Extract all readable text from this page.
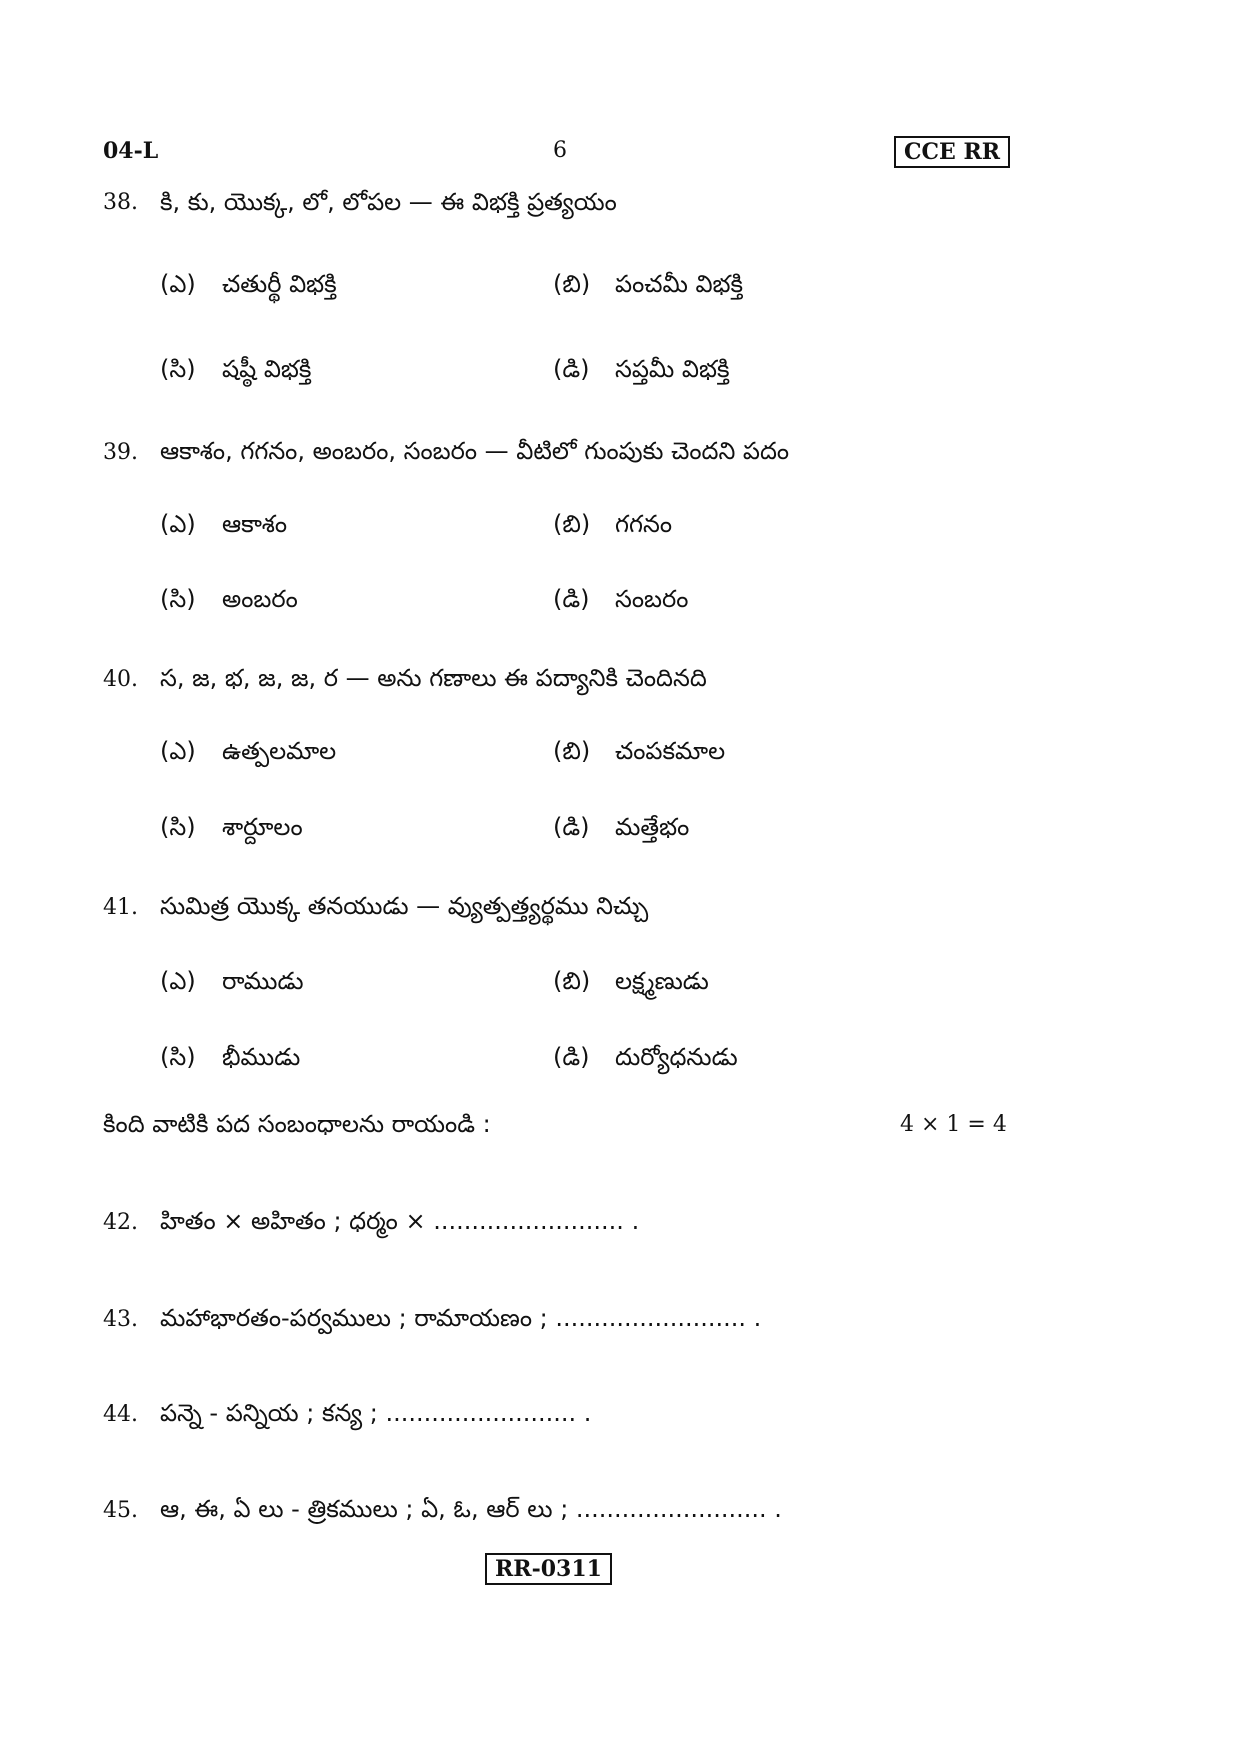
04-L	6	CCE RR
38. కి, కు, యొక్క, లో, లోపల — ఈ విభక్తి ప్రత్యయం
(ఎ) చతుర్థీ విభక్తి	(బి) పంచమీ విభక్తి
(సి) షష్ఠీ విభక్తి	(డి) సప్తమీ విభక్తి
39. ఆకాశం, గగనం, అంబరం, సంబరం — వీటిలో గుంపుకు చెందని పదం
(ఎ) ఆకాశం	(బి) గగనం
(సి) అంబరం	(డి) సంబరం
40. స, జ, భ, జ, జ, ర — అను గణాలు ఈ పద్యానికి చెందినది
(ఎ) ఉత్పలమాల	(బి) చంపకమాల
(సి) శార్దూలం	(డి) మత్తేభం
41. సుమిత్ర యొక్క తనయుడు — వ్యుత్పత్త్యర్థము నిచ్చు
(ఎ) రాముడు	(బి) లక్ష్మణుడు
(సి) భీముడు	(డి) దుర్యోధనుడు
కింది వాటికి పద సంబంధాలను రాయండి :	4 × 1 = 4
42. హితం × అహితం ; ధర్మం × ......................... .
43. మహాభారతం-పర్వములు ; రామాయణం ; ......................... .
44. పన్నె - పన్నియ ; కన్య ; ......................... .
45. ఆ, ఈ, ఏ లు - త్రికములు ; ఏ, ఓ, ఆర్ లు ; ......................... .
RR-0311
